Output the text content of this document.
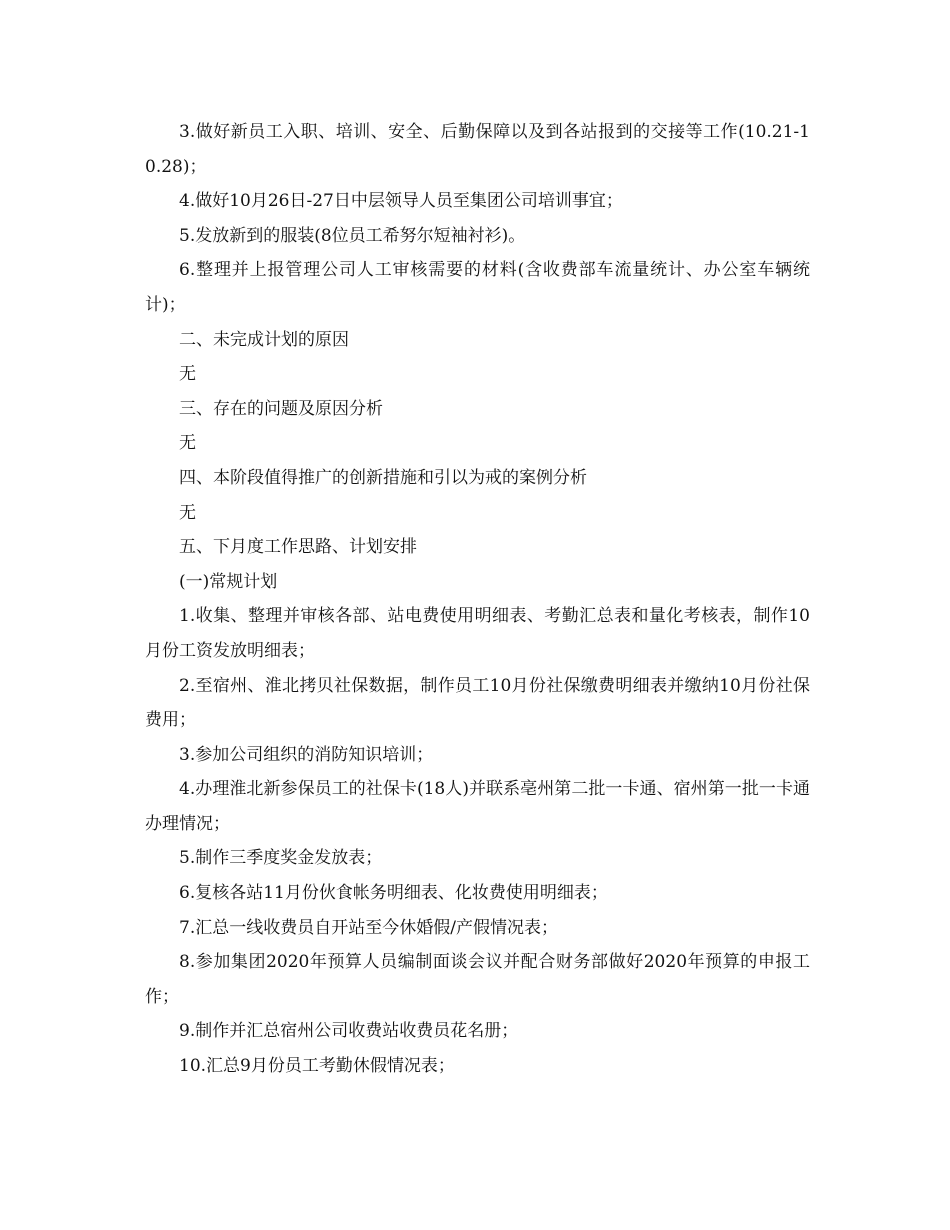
3.做好新员工入职、培训、安全、后勤保障以及到各站报到的交接等工作(10.21-10.28)；

4.做好10月26日-27日中层领导人员至集团公司培训事宜；

5.发放新到的服装(8位员工希努尔短袖衬衫)。

6.整理并上报管理公司人工审核需要的材料(含收费部车流量统计、办公室车辆统计)；

二、未完成计划的原因

无

三、存在的问题及原因分析

无

四、本阶段值得推广的创新措施和引以为戒的案例分析

无

五、下月度工作思路、计划安排

(一)常规计划

1.收集、整理并审核各部、站电费使用明细表、考勤汇总表和量化考核表，制作10月份工资发放明细表；

2.至宿州、淮北拷贝社保数据，制作员工10月份社保缴费明细表并缴纳10月份社保费用；

3.参加公司组织的消防知识培训；

4.办理淮北新参保员工的社保卡(18人)并联系亳州第二批一卡通、宿州第一批一卡通办理情况；

5.制作三季度奖金发放表；

6.复核各站11月份伙食帐务明细表、化妆费使用明细表；

7.汇总一线收费员自开站至今休婚假/产假情况表；

8.参加集团2020年预算人员编制面谈会议并配合财务部做好2020年预算的申报工作；

9.制作并汇总宿州公司收费站收费员花名册；

10.汇总9月份员工考勤休假情况表；
